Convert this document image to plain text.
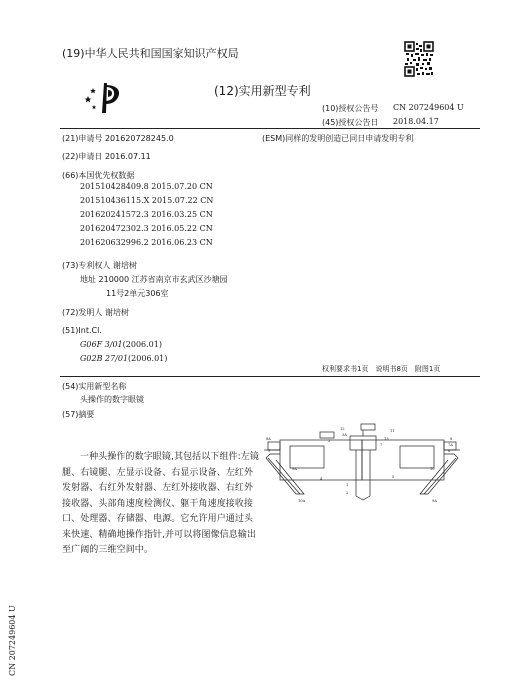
(19)中华人民共和国国家知识产权局
(12)实用新型专利
(10)授权公告号 CN 207249604 U
(45)授权公告日 2018.04.17
(21)申请号 201620728245.0	(ESM)同样的发明创造已同日申请发明专利
(22)申请日 2016.07.11
(66)本国优先权数据
201510428409.8 2015.07.20 CN
201510436115.X 2015.07.22 CN
201620241572.3 2016.03.25 CN
201620472302.3 2016.05.22 CN
201620632996.2 2016.06.23 CN
(73)专利权人 谢培树
地址 210000 江苏省南京市玄武区沙塘园
11号2单元306室
(72)发明人 谢培树
(51)Int.Cl.
G06F 3/01(2006.01)
G02B 27/01(2006.01)
权利要求书1页　说明书8页　附图1页
(54)实用新型名称
头操作的数字眼镜
(57)摘要
一种头操作的数字眼镜,其包括以下组件:左镜腿、右镜腿、左显示设备、右显示设备、左红外发射器、右红外发射器、左红外接收器、右红外接收器、头部角速度检测仪、躯干角速度接收接口、处理器、存储器、电源。它允许用户通过头来快速、精确地操作指针,并可以将图像信息输出至广阔的三维空间中。
11
12
13
3A
3
7
8A	8
9
7A
6
9A
4	5
10
1
2
10A	9A
CN 207249604 U
